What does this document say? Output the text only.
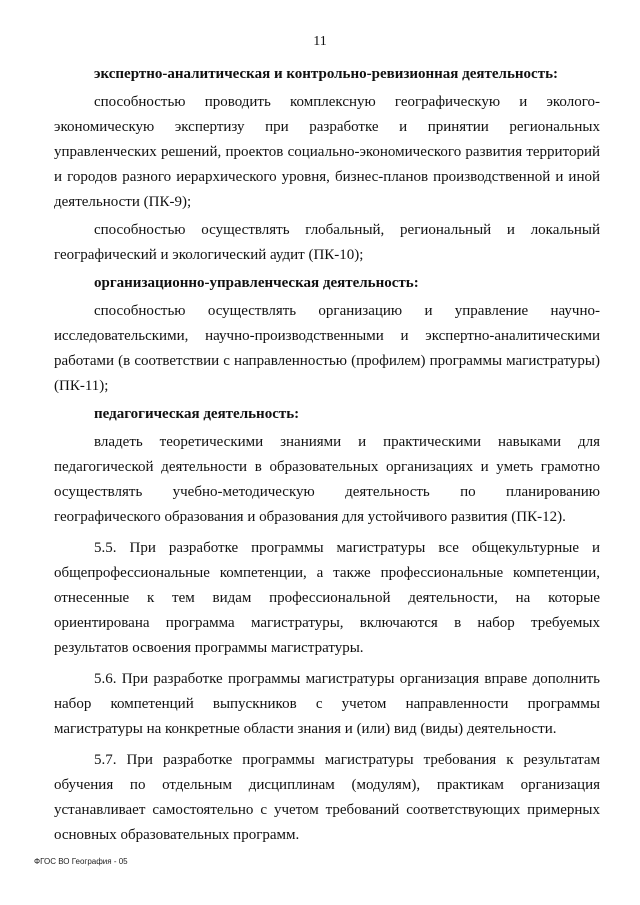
11

экспертно-аналитическая и контрольно-ревизионная деятельность:

способностью проводить комплексную географическую и эколого-экономическую экспертизу при разработке и принятии региональных управленческих решений, проектов социально-экономического развития территорий и городов разного иерархического уровня, бизнес-планов производственной и иной деятельности (ПК-9);

способностью осуществлять глобальный, региональный и локальный географический и экологический аудит (ПК-10);

организационно-управленческая деятельность:

способностью осуществлять организацию и управление научно-исследовательскими, научно-производственными и экспертно-аналитическими работами (в соответствии с направленностью (профилем) программы магистратуры) (ПК-11);

педагогическая деятельность:

владеть теоретическими знаниями и практическими навыками для педагогической деятельности в образовательных организациях и уметь грамотно осуществлять учебно-методическую деятельность по планированию географического образования и образования для устойчивого развития (ПК-12).

5.5. При разработке программы магистратуры все общекультурные и общепрофессиональные компетенции, а также профессиональные компетенции, отнесенные к тем видам профессиональной деятельности, на которые ориентирована программа магистратуры, включаются в набор требуемых результатов освоения программы магистратуры.

5.6. При разработке программы магистратуры организация вправе дополнить набор компетенций выпускников с учетом направленности программы магистратуры на конкретные области знания и (или) вид (виды) деятельности.

5.7. При разработке программы магистратуры требования к результатам обучения по отдельным дисциплинам (модулям), практикам организация устанавливает самостоятельно с учетом требований соответствующих примерных основных образовательных программ.

ФГОС ВО География - 05
